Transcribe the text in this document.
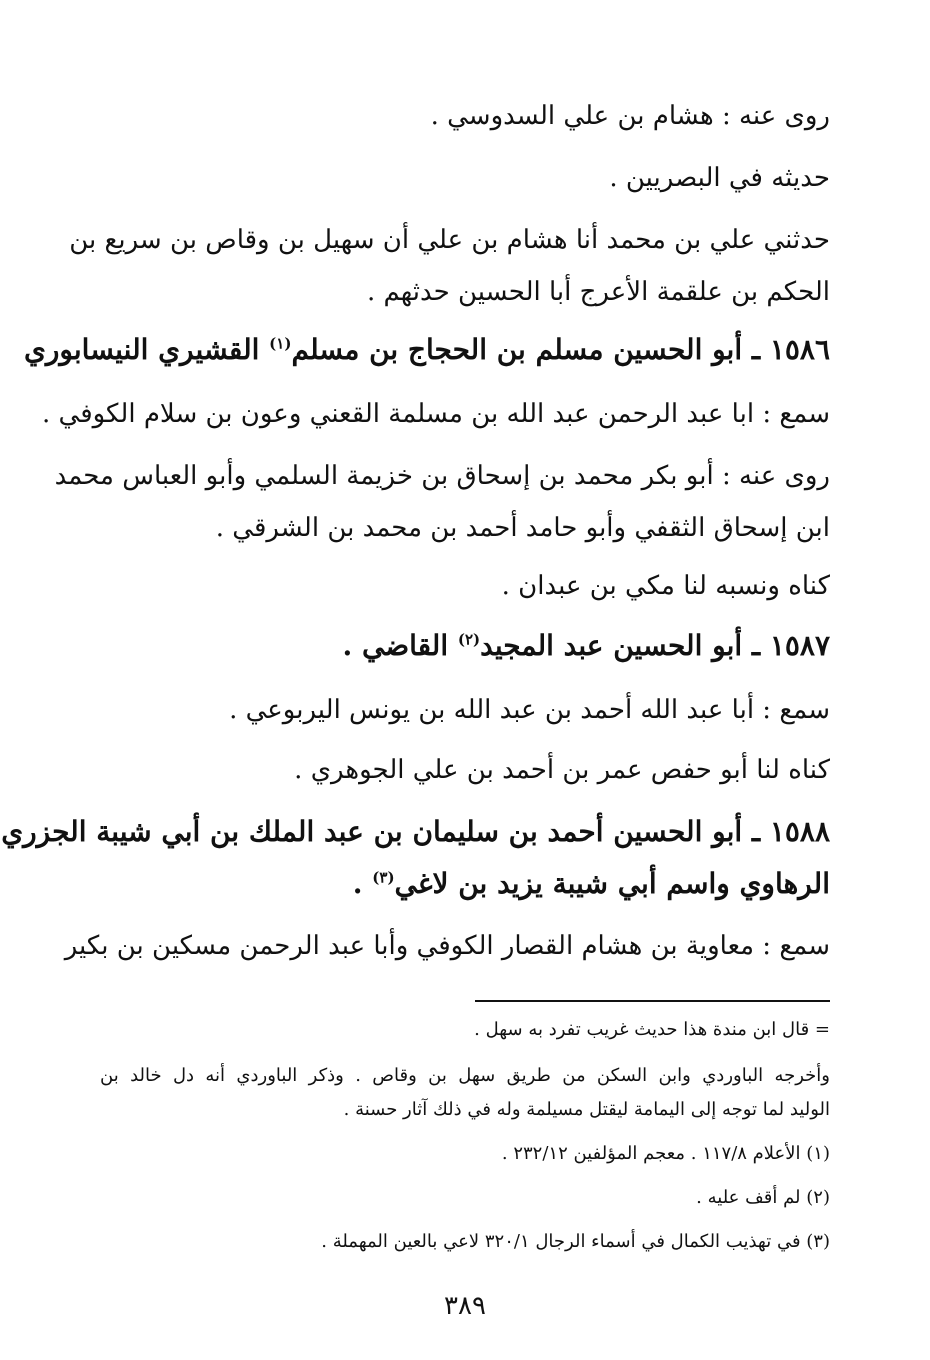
روى عنه : هشام بن علي السدوسي .
حديثه في البصريين .
حدثني علي بن محمد أنا هشام بن علي أن سهيل بن وقاص بن سريع بن
الحكم بن علقمة الأعرج أبا الحسين حدثهم .
١٥٨٦ ـ أبو الحسين مسلم بن الحجاج بن مسلم$^{(١)}$ القشيري النيسابوري
سمع : ابا عبد الرحمن عبد الله بن مسلمة القعني وعون بن سلام الكوفي .
روى عنه : أبو بكر محمد بن إسحاق بن خزيمة السلمي وأبو العباس محمد
ابن إسحاق الثقفي وأبو حامد أحمد بن محمد بن الشرقي .
كناه ونسبه لنا مكي بن عبدان .
١٥٨٧ ـ أبو الحسين عبد المجيد$^{(٢)}$ القاضي .
سمع : أبا عبد الله أحمد بن عبد الله بن يونس اليربوعي .
كناه لنا أبو حفص عمر بن أحمد بن علي الجوهري .
١٥٨٨ ـ أبو الحسين أحمد بن سليمان بن عبد الملك بن أبي شيبة الجزري
الرهاوي واسم أبي شيبة يزيد بن لاغي$^{(٣)}$ .
سمع : معاوية بن هشام القصار الكوفي وأبا عبد الرحمن مسكين بن بكير
= قال ابن مندة هذا حديث غريب تفرد به سهل .
وأخرجه الباوردي وابن السكن من طريق سهل بن وقاص . وذكر الباوردي أنه دل خالد بن
الوليد لما توجه إلى اليمامة ليقتل مسيلمة وله في ذلك آثار حسنة .
(١) الأعلام ١١٧/٨ . معجم المؤلفين ٢٣٢/١٢ .
(٢) لم أقف عليه .
(٣) في تهذيب الكمال في أسماء الرجال ٣٢٠/١ لاعي بالعين المهملة .
٣٨٩
